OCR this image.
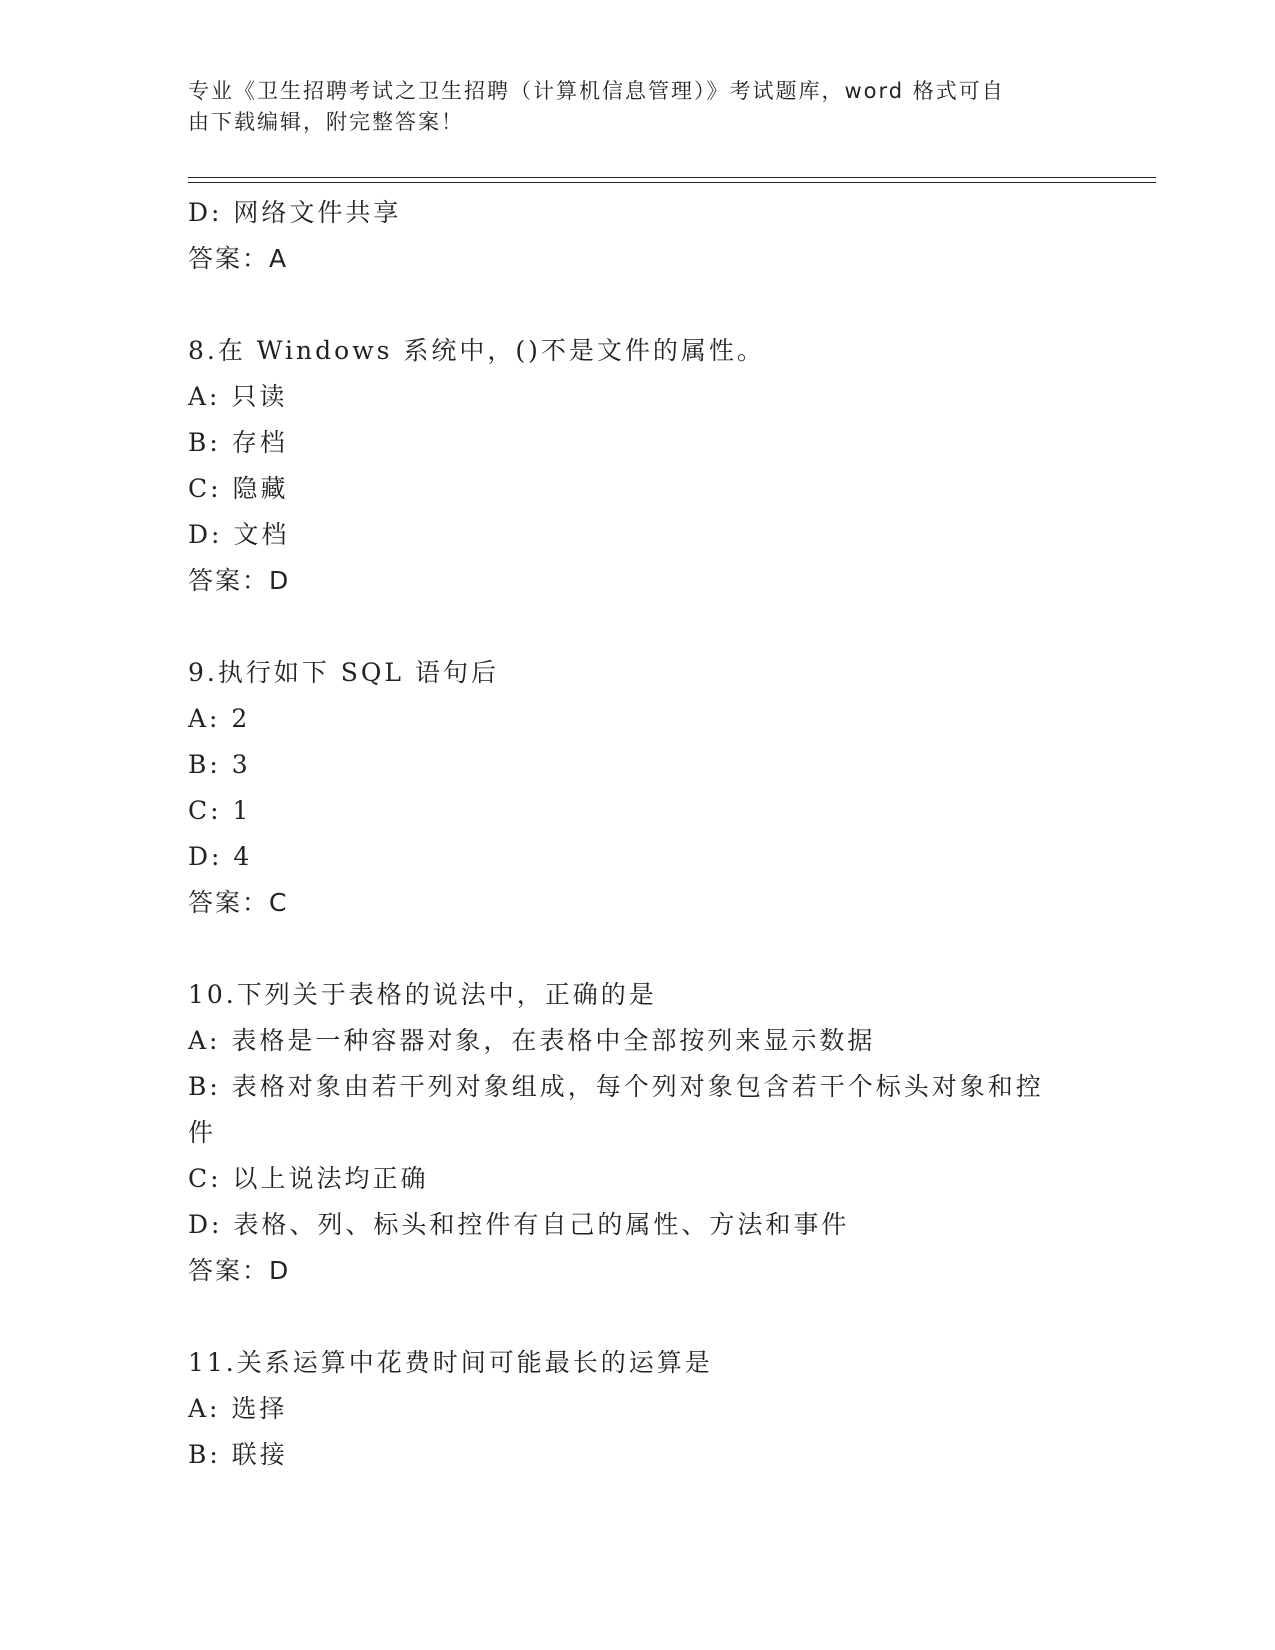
专业《卫生招聘考试之卫生招聘（计算机信息管理）》考试题库，word 格式可自
由下载编辑，附完整答案！
D: 网络文件共享
答案：A
8.在 Windows 系统中，()不是文件的属性。
A: 只读
B: 存档
C: 隐藏
D: 文档
答案：D
9.执行如下 SQL 语句后
A: 2
B: 3
C: 1
D: 4
答案：C
10.下列关于表格的说法中，正确的是
A: 表格是一种容器对象，在表格中全部按列来显示数据
B: 表格对象由若干列对象组成，每个列对象包含若干个标头对象和控
件
C: 以上说法均正确
D: 表格、列、标头和控件有自己的属性、方法和事件
答案：D
11.关系运算中花费时间可能最长的运算是
A: 选择
B: 联接
